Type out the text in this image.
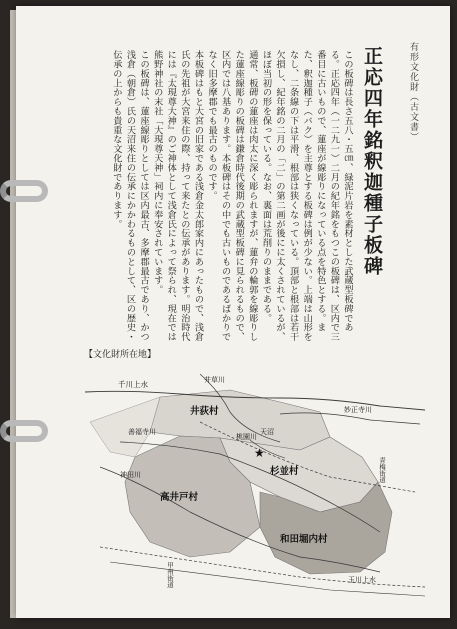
有形文化財（古文書）
正応四年銘釈迦種子板碑

この板碑は長さ五八・五㎝、緑泥片岩を素材とした武蔵型板碑である。正応四年（一二九一）二月の紀年銘をもつこの板碑は、区内で三番目に古いもので、蓮座が線彫りになっている点を特色とする。また、釈迦種子（バク）を主尊とする板碑は例が少ない。上端は山形をなし、二条線の下は平滑、根部は狭くなっている。頂部と根部は若干欠損し、紀年銘の二月の「二」の第二画が後にに太くされているが、ほぼ当初の形を保っている。なお、裏面は荒削りのままである。

通常、板碑の蓮座は肉太に深く彫られますが、蓮弁の輪郭を線彫りした蓮座線彫りの板碑は鎌倉時代後期の武蔵型板碑に見られるもので、区内では八基あります。本板碑はその中でも古いものであるばかりでなく旧多摩郡でも最古のものです。

本板碑はもと大宮の旧家である浅倉金太郎家内にあったもので、浅倉氏の先祖が大宮来住の際、持って来たとの伝承があります。明治時代には『太現尊大神』のご神体として浅倉氏によって祭られ、現在では熊野神社の末社「大現尊天神」祠内に奉安されています。

この板碑は、蓮座線彫りとしては区内最古、多摩郡最古であり、かつ浅倉（朝倉）氏の天沼来住の伝承にかかわるものとして、区の歴史・伝承の上からも貴重な文化財であります。

【文化財所在地】
★
千川上水	井草川
井荻村	妙正寺川
善福寺川
桃園川
天沼
杉並村
神田川	青梅街道
高井戸村
和田堀内村
甲州街道	玉川上水
